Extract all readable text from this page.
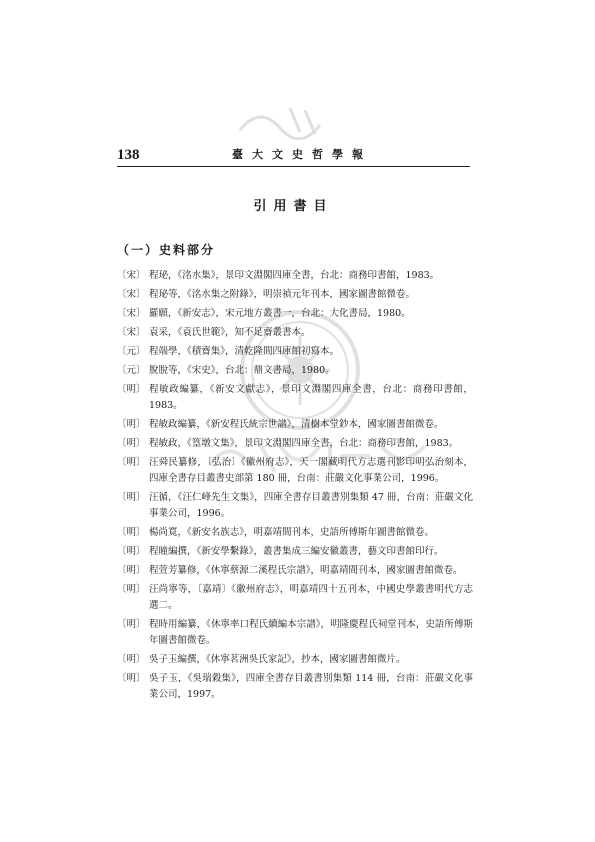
138	臺大文史哲學報
引用書目
（一）史料部分
〔宋〕 程珌，《洺水集》，景印文淵閣四庫全書，台北：商務印書館，1983。
〔宋〕 程珌等，《洺水集之附錄》，明崇禎元年刊本，國家圖書館微卷。
〔宋〕 羅願，《新安志》，宋元地方叢書一，台北：大化書局，1980。
〔宋〕 袁采，《袁氏世範》，知不足齋叢書本。
〔元〕 程端學，《積齋集》，清乾隆間四庫館初寫本。
〔元〕 脫脫等，《宋史》，台北：鼎文書局，1980。
〔明〕 程敏政編纂，《新安文獻志》，景印文淵閣四庫全書，台北：商務印書館，1983。
〔明〕 程敏政編纂，《新安程氏統宗世譜》，清樹本堂鈔本，國家圖書館微卷。
〔明〕 程敏政，《篁墩文集》，景印文淵閣四庫全書，台北：商務印書館，1983。
〔明〕 汪舜民纂修，〔弘治〕《徽州府志》，天一閣藏明代方志選刊影印明弘治刻本，四庫全書存目叢書史部第 180 冊，台南：莊嚴文化事業公司，1996。
〔明〕 汪循，《汪仁峰先生文集》，四庫全書存目叢書別集類 47 冊，台南：莊嚴文化事業公司，1996。
〔明〕 楊尚寬，《新安名族志》，明嘉靖間刊本，史語所傅斯年圖書館微卷。
〔明〕 程瞳編撰，《新安學繫錄》，叢書集成三編安徽叢書，藝文印書館印行。
〔明〕 程萱芳纂修，《休寧蔡源二溪程氏宗譜》，明嘉靖間刊本，國家圖書館微卷。
〔明〕 汪尚寧等，〔嘉靖〕《徽州府志》，明嘉靖四十五刊本，中國史學叢書明代方志選二。
〔明〕 程時用編纂，《休寧率口程氏續編本宗譜》，明隆慶程氏祠堂刊本，史語所傅斯年圖書館微卷。
〔明〕 吳子玉編撰，《休寧茗洲吳氏家記》，抄本，國家圖書館微片。
〔明〕 吳子玉，《吳瑞穀集》，四庫全書存目叢書別集類 114 冊，台南：莊嚴文化事業公司，1997。
